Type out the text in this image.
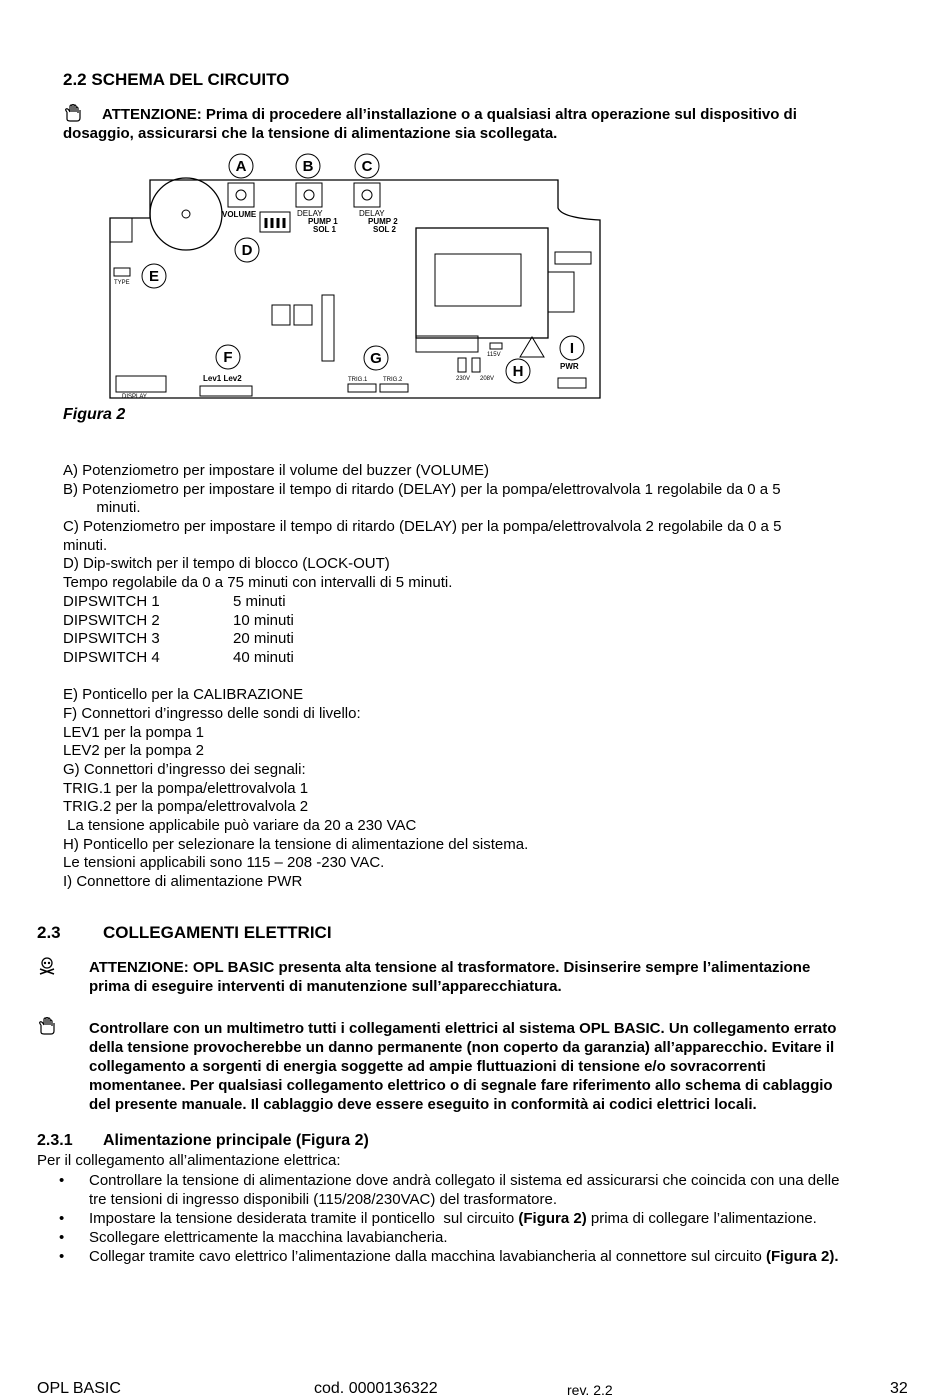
2.2 SCHEMA DEL CIRCUITO
ATTENZIONE: Prima di procedere all’installazione o a qualsiasi altra operazione sul dispositivo di
dosaggio, assicurarsi che la tensione di alimentazione sia scollegata.
A	B	C
D
E
F	G
H
I
VOLUME	DELAY
PUMP 1
SOL 1
DELAY
PUMP 2
SOL 2
TYPE
Lev1 Lev2	TRIG.1	TRIG.2
115V
230V 208V
PWR
DISPLAY
Figura 2
A) Potenziometro per impostare il volume del buzzer (VOLUME)
B) Potenziometro per impostare il tempo di ritardo (DELAY) per la pompa/elettrovalvola 1 regolabile da 0 a 5
minuti.
C) Potenziometro per impostare il tempo di ritardo (DELAY) per la pompa/elettrovalvola 2 regolabile da 0 a 5
minuti.
D) Dip-switch per il tempo di blocco (LOCK-OUT)
Tempo regolabile da 0 a 75 minuti con intervalli di 5 minuti.
DIPSWITCH 1	5 minuti
DIPSWITCH 2	10 minuti
DIPSWITCH 3	20 minuti
DIPSWITCH 4	40 minuti
E) Ponticello per la CALIBRAZIONE
F) Connettori d’ingresso delle sondi di livello:
LEV1 per la pompa 1
LEV2 per la pompa 2
G) Connettori d’ingresso dei segnali:
TRIG.1 per la pompa/elettrovalvola 1
TRIG.2 per la pompa/elettrovalvola 2
La tensione applicabile può variare da 20 a 230 VAC
H) Ponticello per selezionare la tensione di alimentazione del sistema.
Le tensioni applicabili sono 115 – 208 -230 VAC.
I) Connettore di alimentazione PWR
2.3 COLLEGAMENTI ELETTRICI
ATTENZIONE: OPL BASIC presenta alta tensione al trasformatore. Disinserire sempre l’alimentazione
prima di eseguire interventi di manutenzione sull’apparecchiatura.
Controllare con un multimetro tutti i collegamenti elettrici al sistema OPL BASIC. Un collegamento errato
della tensione provocherebbe un danno permanente (non coperto da garanzia) all’apparecchio. Evitare il
collegamento a sorgenti di energia soggette ad ampie fluttuazioni di tensione e/o sovracorrenti
momentanee. Per qualsiasi collegamento elettrico o di segnale fare riferimento allo schema di cablaggio
del presente manuale. Il cablaggio deve essere eseguito in conformità ai codici elettrici locali.
2.3.1 Alimentazione principale (Figura 2)
Per il collegamento all’alimentazione elettrica:
• Controllare la tensione di alimentazione dove andrà collegato il sistema ed assicurarsi che coincida con una delle
tre tensioni di ingresso disponibili (115/208/230VAC) del trasformatore.
• Impostare la tensione desiderata tramite il ponticello  sul circuito (Figura 2) prima di collegare l’alimentazione.
• Scollegare elettricamente la macchina lavabiancheria.
• Collegar tramite cavo elettrico l’alimentazione dalla macchina lavabiancheria al connettore sul circuito (Figura 2).
OPL BASIC	cod. 0000136322	rev. 2.2	32
